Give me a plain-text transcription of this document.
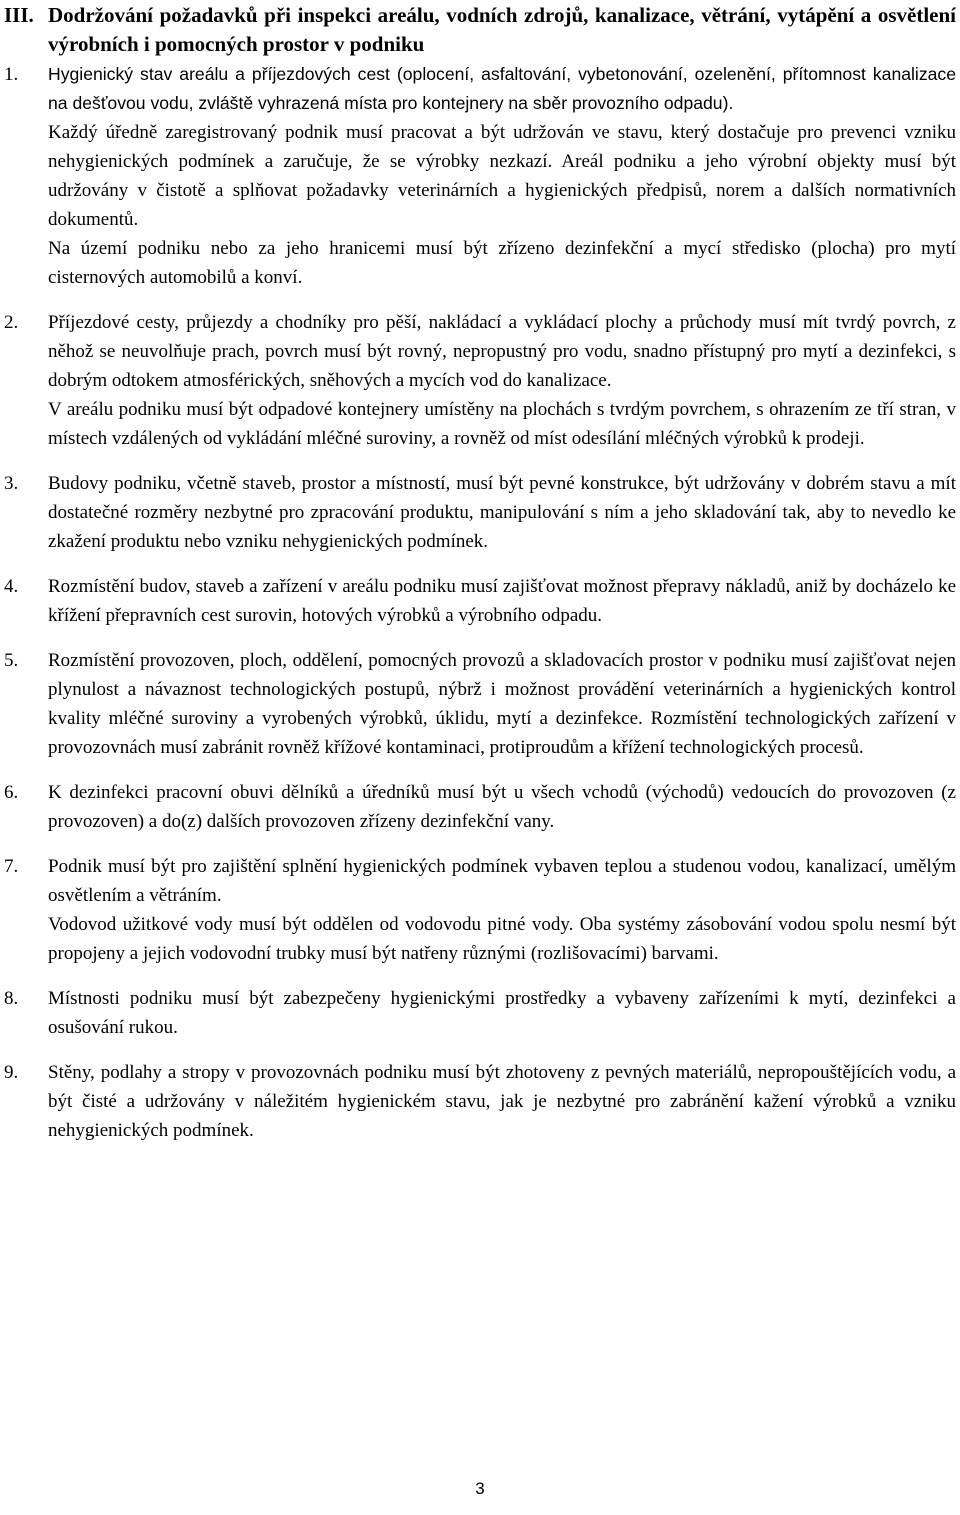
III. Dodržování požadavků při inspekci areálu, vodních zdrojů, kanalizace, větrání, vytápění a osvětlení výrobních i pomocných prostor v podniku
1.	Hygienický stav areálu a příjezdových cest (oplocení, asfaltování, vybetonování, ozelenění, přítomnost kanalizace na dešťovou vodu, zvláště vyhrazená místa pro kontejnery na sběr provozního odpadu).

Každý úředně zaregistrovaný podnik musí pracovat a být udržován ve stavu, který dostačuje pro prevenci vzniku nehygienických podmínek a zaručuje, že se výrobky nezkazí. Areál podniku a jeho výrobní objekty musí být udržovány v čistotě a splňovat požadavky veterinárních a hygienických předpisů, norem a dalších normativních dokumentů.

Na území podniku nebo za jeho hranicemi musí být zřízeno dezinfekční a mycí středisko (plocha) pro mytí cisternových automobilů a konví.

2.	Příjezdové cesty, průjezdy a chodníky pro pěší, nakládací a vykládací plochy a průchody musí mít tvrdý povrch, z něhož se neuvolňuje prach, povrch musí být rovný, nepropustný pro vodu, snadno přístupný pro mytí a dezinfekci, s dobrým odtokem atmosférických, sněhových a mycích vod do kanalizace.

V areálu podniku musí být odpadové kontejnery umístěny na plochách s tvrdým povrchem, s ohrazením ze tří stran, v místech vzdálených od vykládání mléčné suroviny, a rovněž od míst odesílání mléčných výrobků k prodeji.

3.	Budovy podniku, včetně staveb, prostor a místností, musí být pevné konstrukce, být udržovány v dobrém stavu a mít dostatečné rozměry nezbytné pro zpracování produktu, manipulování s ním a jeho skladování tak, aby to nevedlo ke zkažení produktu nebo vzniku nehygienických podmínek.

4.	Rozmístění budov, staveb a zařízení v areálu podniku musí zajišťovat možnost přepravy nákladů, aniž by docházelo ke křížení přepravních cest surovin, hotových výrobků a výrobního odpadu.

5.	Rozmístění provozoven, ploch, oddělení, pomocných provozů a skladovacích prostor v podniku musí zajišťovat nejen plynulost a návaznost technologických postupů, nýbrž i možnost provádění veterinárních a hygienických kontrol kvality mléčné suroviny a vyrobených výrobků, úklidu, mytí a dezinfekce. Rozmístění technologických zařízení v provozovnách musí zabránit rovněž křížové kontaminaci, protiproudům a křížení technologických procesů.

6.	K dezinfekci pracovní obuvi dělníků a úředníků musí být u všech vchodů (východů) vedoucích do provozoven (z provozoven) a do(z) dalších provozoven zřízeny dezinfekční vany.

7.	Podnik musí být pro zajištění splnění hygienických podmínek vybaven teplou a studenou vodou, kanalizací, umělým osvětlením a větráním.

Vodovod užitkové vody musí být oddělen od vodovodu pitné vody. Oba systémy zásobování vodou spolu nesmí být propojeny a jejich vodovodní trubky musí být natřeny různými (rozlišovacími) barvami.

8.	Místnosti podniku musí být zabezpečeny hygienickými prostředky a vybaveny zařízeními k mytí, dezinfekci a osušování rukou.

9.	Stěny, podlahy a stropy v provozovnách podniku musí být zhotoveny z pevných materiálů, nepropouštějících vodu, a být čisté a udržovány v náležitém hygienickém stavu, jak je nezbytné pro zabránění kažení výrobků a vzniku nehygienických podmínek.

3
